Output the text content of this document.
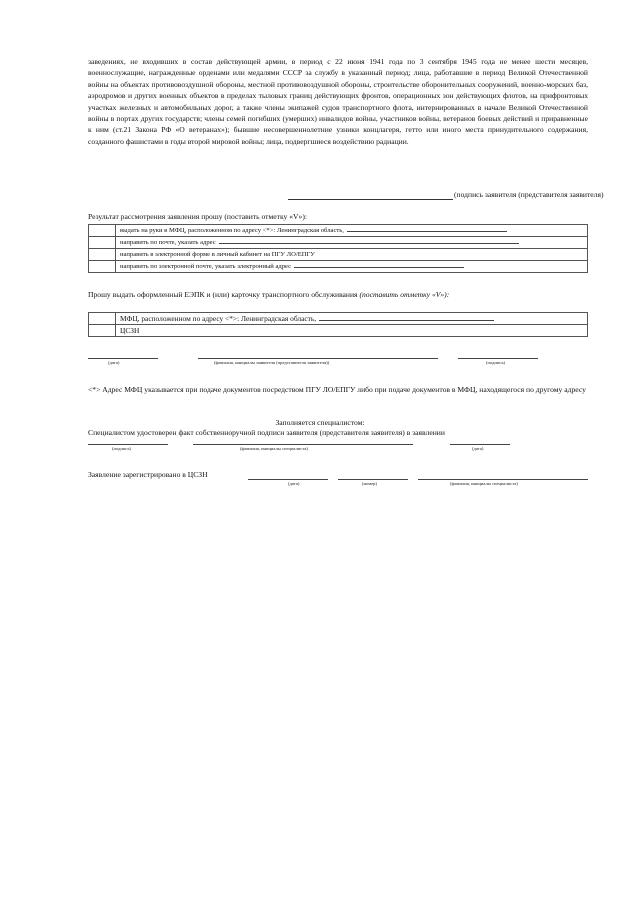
заведениях, не входивших в состав действующей армии, в период с 22 июня 1941 года по 3 сентября 1945 года не менее шести месяцев, военнослужащие, награжденные орденами или медалями СССР за службу в указанный период; лица, работавшие в период Великой Отечественной войны на объектах противовоздушной обороны, местной противовоздушной обороны, строительстве оборонительных сооружений, военно-морских баз, аэродромов и других военных объектов в пределах тыловых границ действующих фронтов, операционных зон действующих флотов, на прифронтовых участках железных и автомобильных дорог, а также члены экипажей судов транспортного флота, интернированных в начале Великой Отечественной войны в портах других государств; члены семей погибших (умерших) инвалидов войны, участников войны, ветеранов боевых действий и приравненные к ним (ст.21 Закона РФ «О ветеранах»); бывшие несовершеннолетние узники концлагеря, гетто или иного места принудительного содержания, созданного фашистами в годы второй мировой войны; лица, подвергшиеся воздействию радиации.
(подпись заявителя (представителя заявителя)
Результат рассмотрения заявления прошу (поставить отметку «V»):
	выдать на руки в МФЦ, расположенном по адресу <*>: Ленинградская область,
	направить по почте, указать адрес
	направить в электронной форме в личный кабинет на ПГУ ЛО/ЕПГУ
	направить по электронной почте, указать электронный адрес
Прошу выдать оформленный ЕЭПК и (или) карточку транспортного обслуживания (поставить отметку «V»):
	МФЦ, расположенном по адресу <*>: Ленинградская область,
	ЦСЗН
(дата)	(фамилия, инициалы заявителя (представителя заявителя))	(подпись)
<*> Адрес МФЦ указывается при подаче документов посредством ПГУ ЛО/ЕПГУ либо при подаче документов в МФЦ, находящегося по другому адресу
Заполняется специалистом:
Специалистом удостоверен факт собственноручной подписи заявителя (представителя заявителя) в заявлении
(подпись)	(фамилия, инициалы специалиста)	(дата)
Заявление зарегистрировано в ЦСЗН
(дата)	(номер)	(фамилия, инициалы специалиста)
